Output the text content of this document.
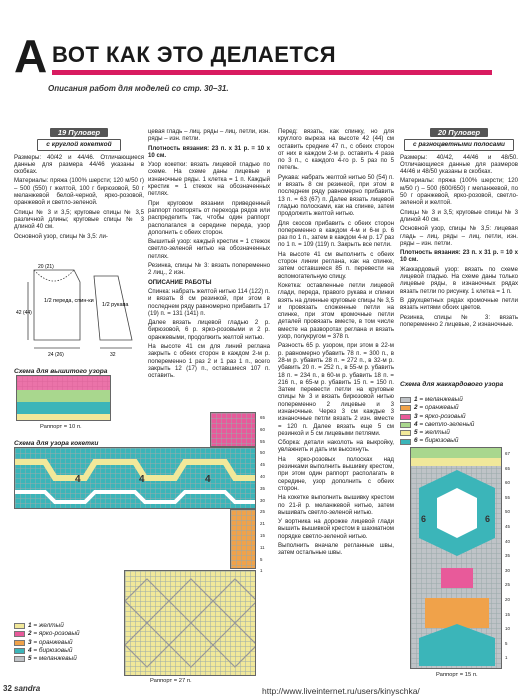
А ВОТ КАК ЭТО ДЕЛАЕТСЯ
Описания работ для моделей со стр. 30–31.
19 Пуловер
с круглой кокеткой

Размеры: 40/42 и 44/46. Отличающиеся данные для размера 44/46 указаны в скобках.

Материалы: пряжа (100% шерсти; 120 м/50 г) – 500 (550) г желтой, 100 г бирюзовой, 50 г меланжевой белой-черной, ярко-розовой, оранжевой и светло-зеленой.

Спицы № 3 и 3,5; круговые спицы № 3,5 различной длины; круговые спицы № 3 длиной 40 см.

Основной узор, спицы № 3,5: ли-

1/2 переда, спин-ки
1/2 рукава
20 (21)
42 (44)
24 (26)	32
Схема для вышитого узора
Раппорт = 10 п.
Схема для узора кокетки
4	4	4
Раппорт = 27 п.
1
= желтый
2
= ярко-розовый
3
= оранжевый
4
= бирюзовый
5
= меланжевый

цевая гладь – лиц. ряды – лиц. петли, изн. ряды – изн. петли.

Плотность вязания: 23 п. x 31 р. = 10 x 10 см.

Узор кокетки: вязать лицевой гладью по схеме. На схеме даны лицевые и изнаночные ряды. 1 клетка = 1 п. Каждый крестик = 1 стежок на обозначенных петлях.

При круговом вязании приведенный раппорт повторять от перехода рядов или распределить так, чтобы один раппорт располагался в середине переда, узор дополнить с обеих сторон.

Вышитый узор: каждый крестик = 1 стежок светло-зеленой нитью на обозначенных петлях.

Резинка, спицы № 3: вязать попеременно 2 лиц., 2 изн.

ОПИСАНИЕ РАБОТЫ

Спинка: набрать желтой нитью 114 (122) п. и вязать 8 см резинкой, при этом в последнем ряду равномерно прибавить 17 (19) п. = 131 (141) п.

Далее вязать лицевой гладью 2 р. бирюзовой, 6 р. ярко-розовыми и 2 р. оранжевыми, продолжить желтой нитью.

На высоте 41 см для линий реглана закрыть с обеих сторон в каждом 2-м р. попеременно 1 раз 2 и 1 раз 1 п., всего закрыть 12 (17) п., оставшиеся 107 п. оставить.

65
60
55
50
45
40
35
30
25
21
15
11
5
1

Перед: вязать, как спинку, но для круглого выреза на высоте 42 (44) см оставить средние 47 п., с обеих сторон от них в каждом 2-м р. оставить 4 раза по 3 п., с каждого 4-го р. 5 раз по 5 петель.

Рукава: набрать желтой нитью 50 (54) п. и вязать 8 см резинкой, при этом в последнем ряду равномерно прибавить 13 п. = 63 (67) п. Далее вязать лицевой гладью полосками, как на спинке, затем продолжить желтой нитью.

Для скосов прибавить с обеих сторон попеременно в каждом 4-м и 6-м р. 6 раз по 1 п., затем в каждом 4-м р. 17 раз по 1 п. = 109 (119) п. Закрыть все петли.

На высоте 41 см выполнить с обеих сторон линии реглана, как на спинке, затем оставшиеся 85 п. перевести на вспомогательную спицу.

Кокетка: оставленные петли лицевой глади, переда, правого рукава и спинки взять на длинные круговые спицы № 3,5 и провязать сложенные петли на спинке, при этом кромочные петли деталей провязать вместе, в том числе вместе на разворотах реглана и вязать узор, полукругом = 378 п.

Разность 65 р. узором, при этом в 22-м р. равномерно убавить 78 п. = 300 п., в 28-м р. убавить 28 п. = 272 п., в 32-м р. убавить 20 п. = 252 п., в 55-м р. убавить 18 п. = 234 п., в 60-м р. убавить 18 п. = 216 п., в 65-м р. убавить 15 п. = 150 п. Затем перевести петли на круговые спицы № 3 и вязать бирюзовой нитью попеременно 2 лицевые и 3 изнаночные. Через 3 см каждые 3 изнаночные петли вязать 2 изн. вместе = 120 п. Далее вязать еще 5 см резинкой и 5 см лицевыми петлями.

Сборка: детали наколоть на выкройку, увлажнить и дать им высохнуть.

На ярко-розовых полосках над резинками выполнить вышивку крестом, при этом один раппорт располагать в середине, узор дополнить с обеих сторон.

На кокетке выполнить вышивку крестом по 21-й р. меланжевой нитью, затем вышивать светло-зеленой нитью.

У вортника на дорожке лицевой глади вышить вышивкой крестом в шахматном порядке светло-зеленой нитью.

Выполнить вначале регланные швы, затем остальные швы.

20 Пуловер
с разноцветными полосами

Размеры: 40/42, 44/46 и 48/50. Отличающиеся данные для размеров 44/46 и 48/50 указаны в скобках.

Материалы: пряжа (100% шерсти; 120 м/50 г) – 500 (600/650) г меланжевой, по 50 г оранжевой, ярко-розовой, светло-зеленой и желтой.

Спицы № 3 и 3,5; круговые спицы № 3 длиной 40 см.

Основной узор, спицы № 3,5: лицевая гладь – лиц. ряды – лиц. петли, изн. ряды – изн. петли.

Плотность вязания: 23 п. x 31 р. = 10 x 10 см.

Жаккардовый узор: вязать по схеме лицевой гладью. На схеме даны только лицевые ряды, в изнаночных рядах вязать петли по рисунку. 1 клетка = 1 п.

В двухцветных рядах кромочные петли вязать нитями обоих цветов.

Резинка, спицы № 3: вязать попеременно 2 лицевые, 2 изнаночные.

Схема для жаккардового узора
1
= меланжевый
2
= оранжевый
3
= ярко-розовый
4
= светло-зеленый
5
= желтый
6
= бирюзовый
6	6
67
65
60
55
50
45
40
35
30
25
20
15
10
5
1
Раппорт = 15 п.
32 sandra	http://www.liveinternet.ru/users/kinyschka/
